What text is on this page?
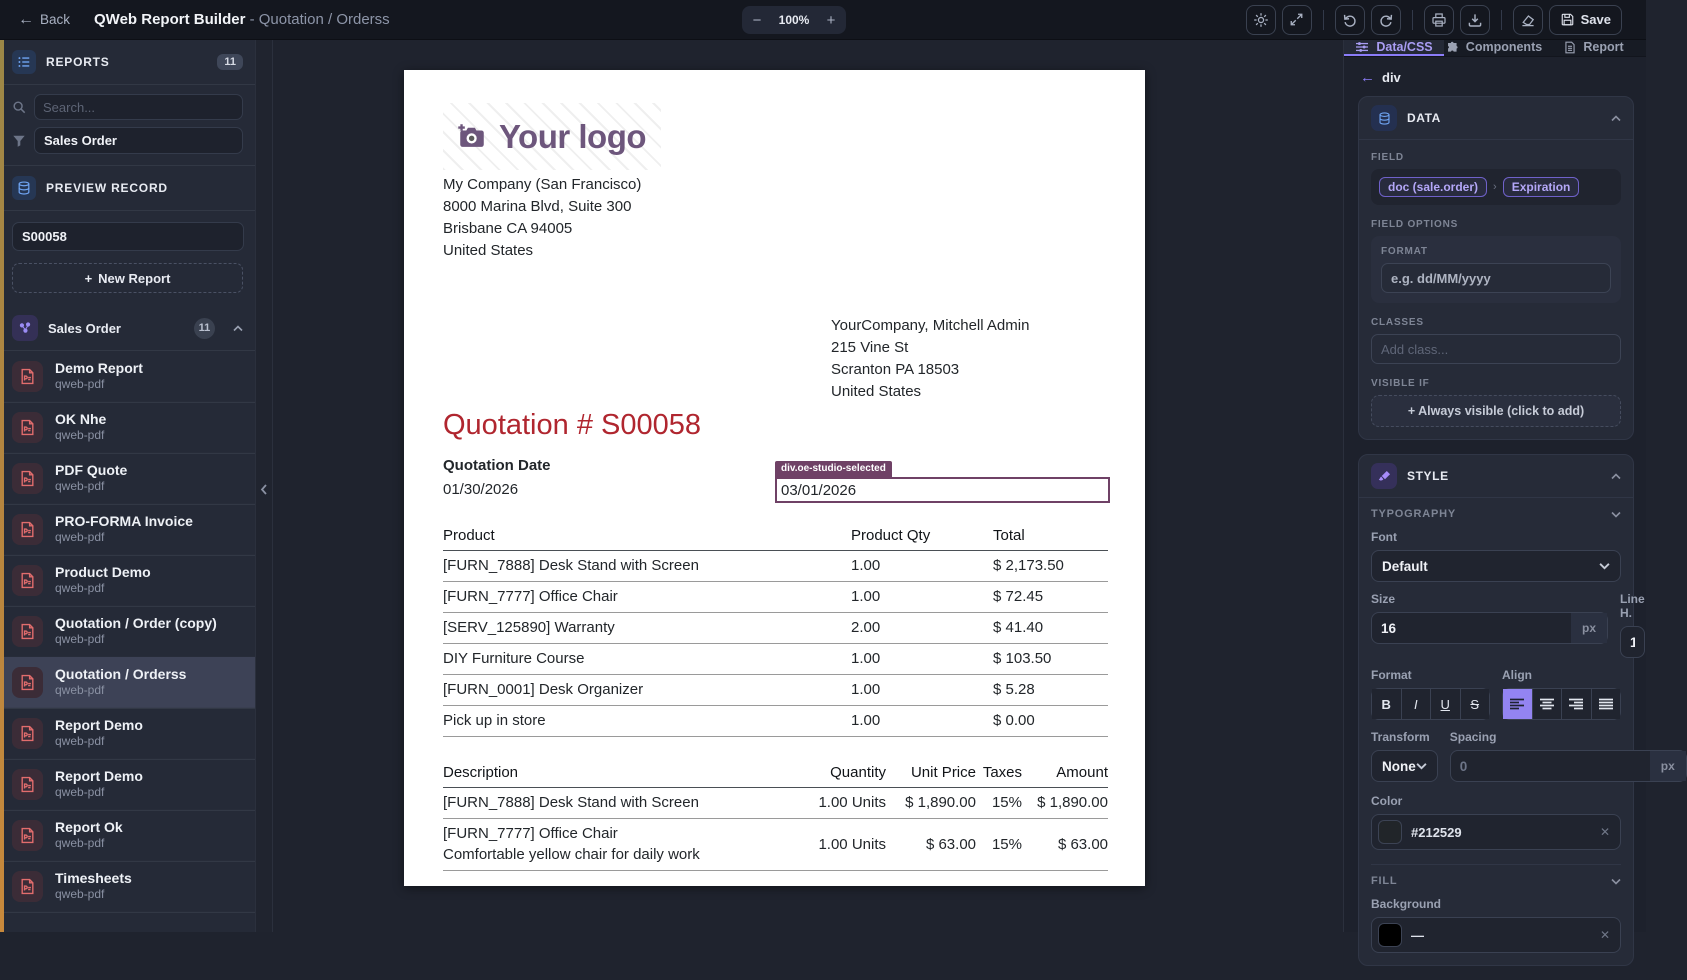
← Back QWeb Report Builder - Quotation / Orderss	−	100%	+	Save
REPORTS	11
Search...
Sales Order
PREVIEW RECORD
S00058
+ New Report
Sales Order	11
Demo Report
qweb-pdf
OK Nhe
qweb-pdf
PDF Quote
qweb-pdf
PRO-FORMA Invoice
qweb-pdf
Product Demo
qweb-pdf
Quotation / Order (copy)
qweb-pdf
Quotation / Orderss
qweb-pdf
Report Demo
qweb-pdf
Report Demo
qweb-pdf
Report Ok
qweb-pdf
Timesheets
qweb-pdf
Your logo
My Company (San Francisco)
8000 Marina Blvd, Suite 300
Brisbane CA 94005
United States
YourCompany, Mitchell Admin
215 Vine St
Scranton PA 18503
United States
Quotation # S00058
Quotation Date
01/30/2026
div.oe-studio-selected
03/01/2026
Product	Product Qty	Total
[FURN_7888] Desk Stand with Screen	1.00	$ 2,173.50
[FURN_7777] Office Chair	1.00	$ 72.45
[SERV_125890] Warranty	2.00	$ 41.40
DIY Furniture Course	1.00	$ 103.50
[FURN_0001] Desk Organizer	1.00	$ 5.28
Pick up in store	1.00	$ 0.00
Description	Quantity	Unit Price	Taxes	Amount
[FURN_7888] Desk Stand with Screen	1.00 Units	$ 1,890.00	15%	$ 1,890.00

[FURN_7777] Office Chair
Comfortable yellow chair for daily work	1.00 Units	$ 63.00	15%	$ 63.00
Data/CSS	Components	Report
← div
DATA
FIELD
doc (sale.order)	›	Expiration
FIELD OPTIONS
FORMAT
e.g. dd/MM/yyyy
CLASSES
Add class...
VISIBLE IF
+ Always visible (click to add)
STYLE
TYPOGRAPHY
Font
Default
Size
16
px
Line H.
1,5
Format
B I U S
Align
Transform
None
Spacing
0
px
Color
#212529	✕
FILL
Background
—	✕
